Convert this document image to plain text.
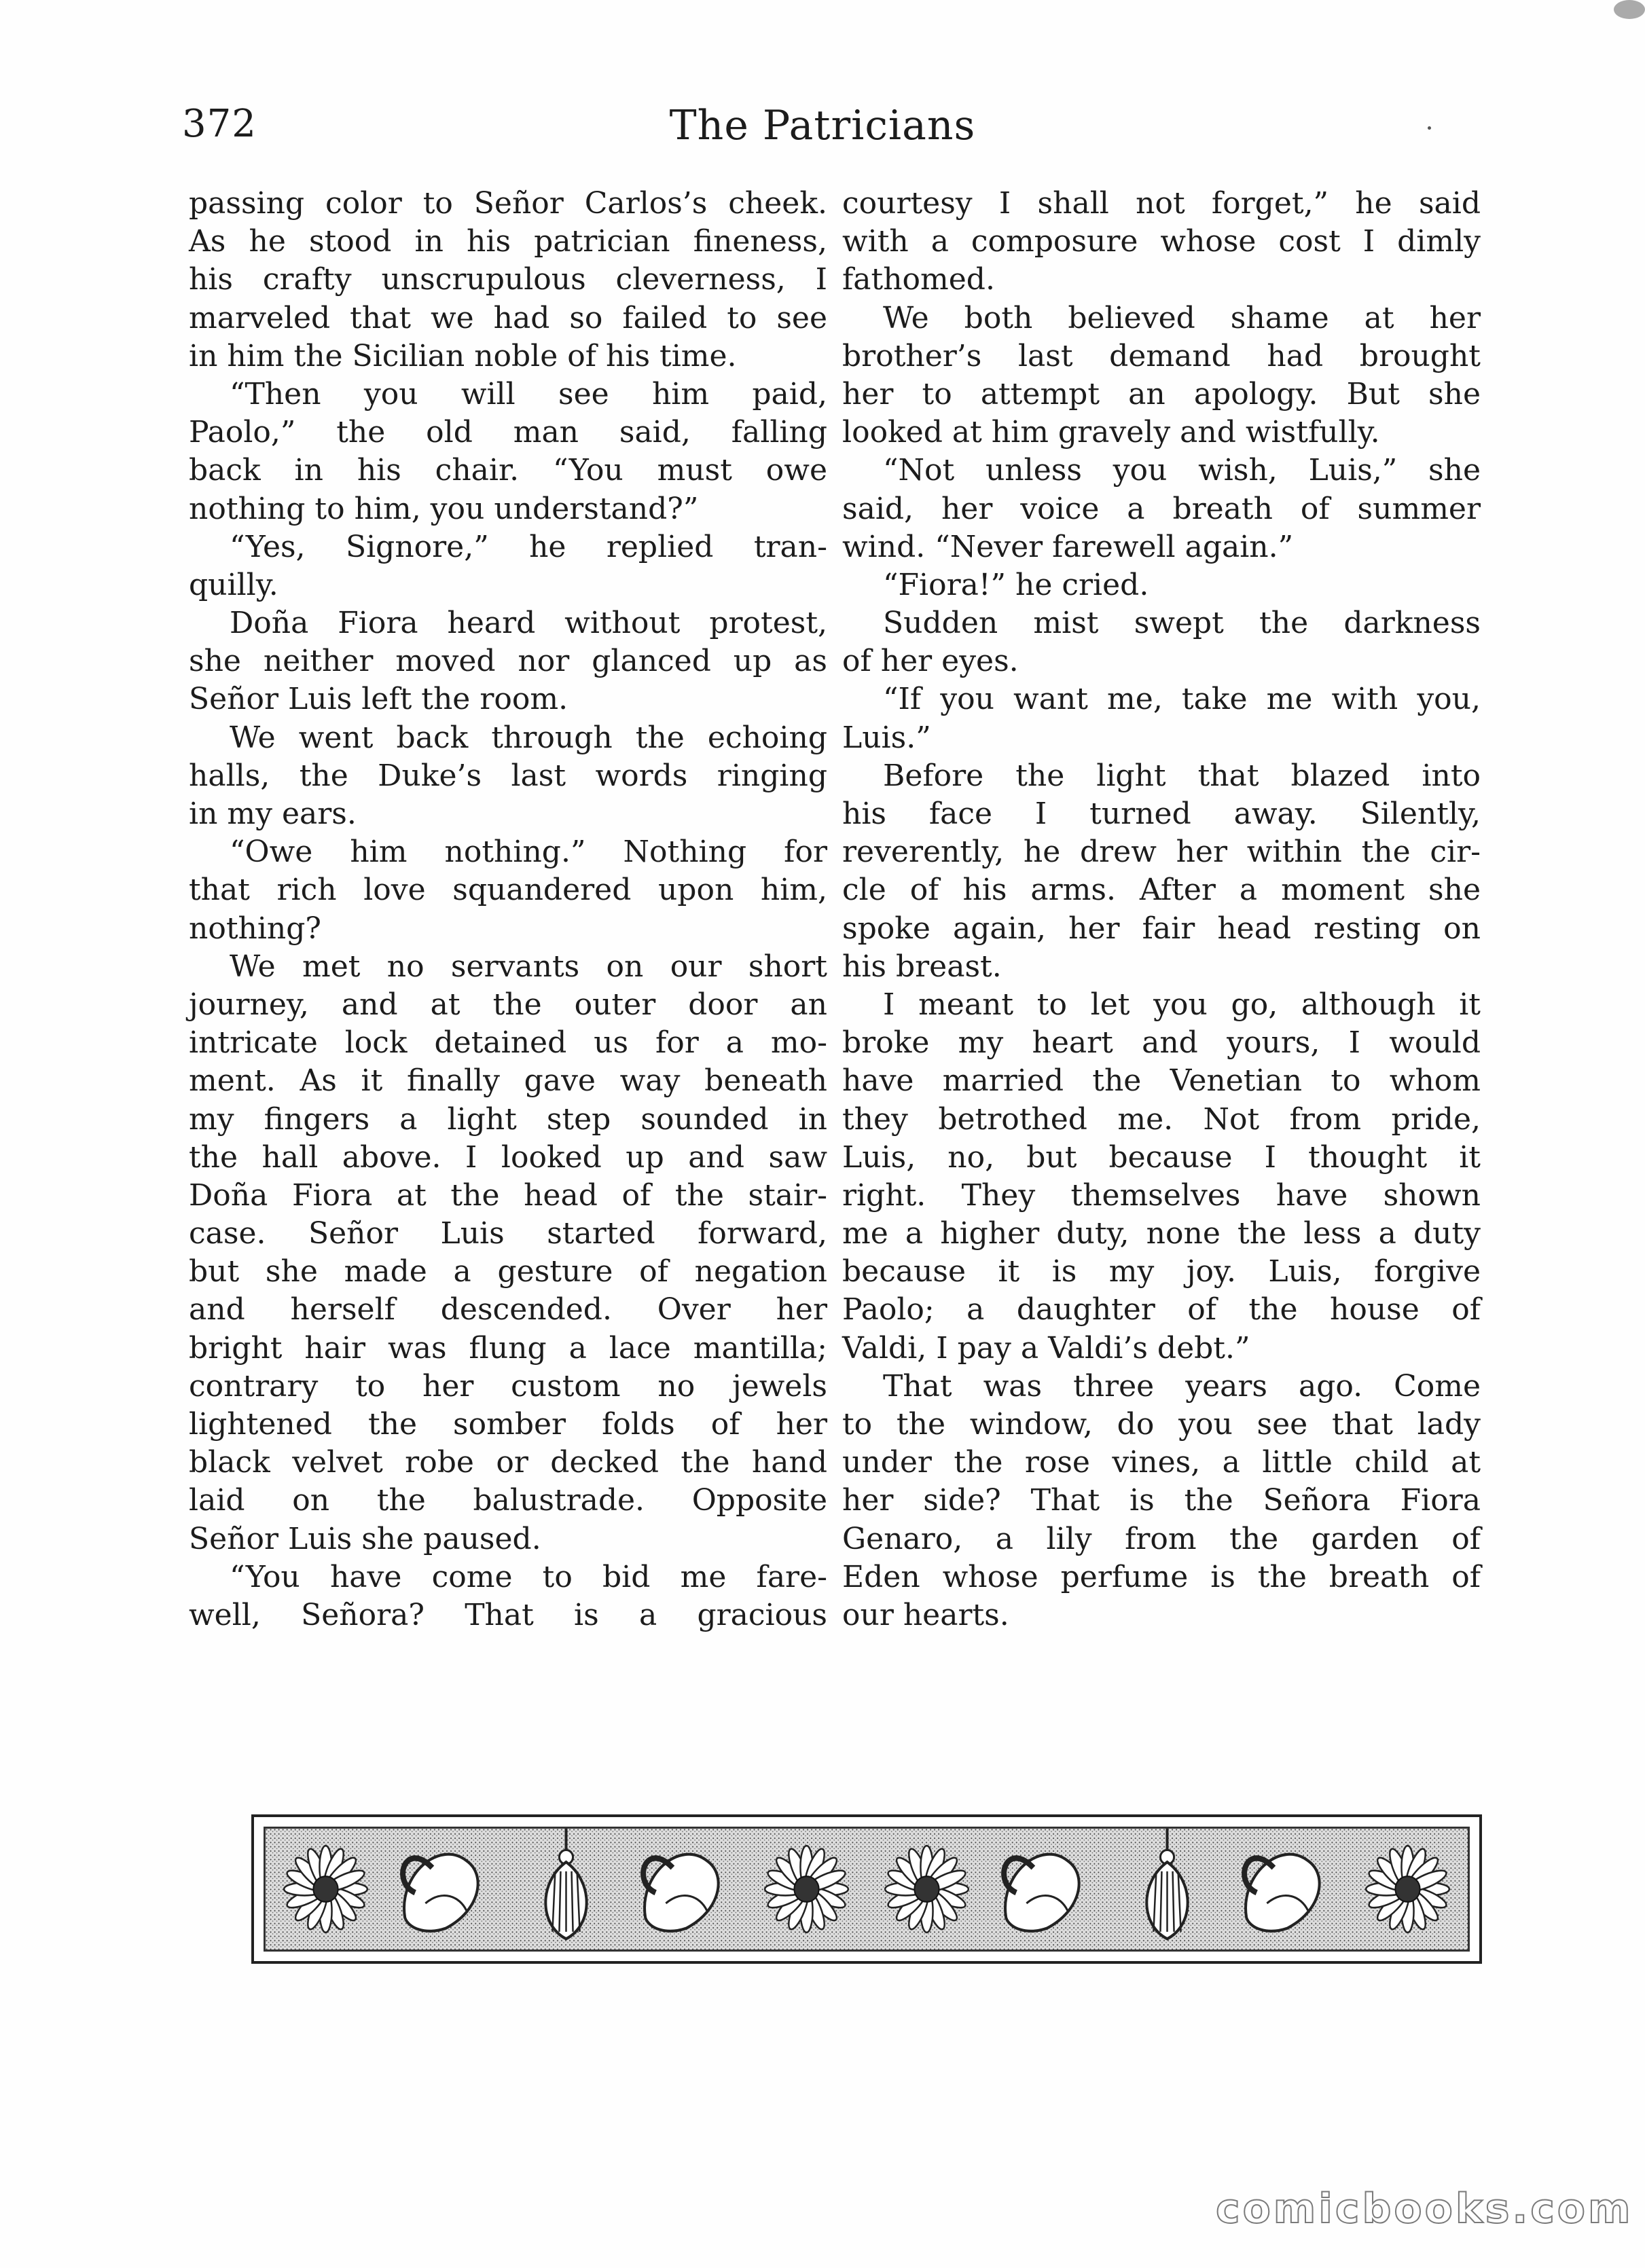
372	The Patricians
passing color to Señor Carlos’s cheek.
As he stood in his patrician fineness,
his crafty unscrupulous cleverness, I
marveled that we had so failed to see
in him the Sicilian noble of his time.
“Then you will see him paid,
Paolo,” the old man said, falling
back in his chair. “You must owe
nothing to him, you understand?”
“Yes, Signore,” he replied tran-
quilly.
Doña Fiora heard without protest,
she neither moved nor glanced up as
Señor Luis left the room.
We went back through the echoing
halls, the Duke’s last words ringing
in my ears.
“Owe him nothing.” Nothing for
that rich love squandered upon him,
nothing?
We met no servants on our short
journey, and at the outer door an
intricate lock detained us for a mo-
ment. As it finally gave way beneath
my fingers a light step sounded in
the hall above. I looked up and saw
Doña Fiora at the head of the stair-
case. Señor Luis started forward,
but she made a gesture of negation
and herself descended. Over her
bright hair was flung a lace mantilla;
contrary to her custom no jewels
lightened the somber folds of her
black velvet robe or decked the hand
laid on the balustrade. Opposite
Señor Luis she paused.
“You have come to bid me fare-
well, Señora? That is a gracious
courtesy I shall not forget,” he said
with a composure whose cost I dimly
fathomed.
We both believed shame at her
brother’s last demand had brought
her to attempt an apology. But she
looked at him gravely and wistfully.
“Not unless you wish, Luis,” she
said, her voice a breath of summer
wind. “Never farewell again.”
“Fiora!” he cried.
Sudden mist swept the darkness
of her eyes.
“If you want me, take me with you,
Luis.”
Before the light that blazed into
his face I turned away. Silently,
reverently, he drew her within the cir-
cle of his arms. After a moment she
spoke again, her fair head resting on
his breast.
I meant to let you go, although it
broke my heart and yours, I would
have married the Venetian to whom
they betrothed me. Not from pride,
Luis, no, but because I thought it
right. They themselves have shown
me a higher duty, none the less a duty
because it is my joy. Luis, forgive
Paolo; a daughter of the house of
Valdi, I pay a Valdi’s debt.”
That was three years ago. Come
to the window, do you see that lady
under the rose vines, a little child at
her side? That is the Señora Fiora
Genaro, a lily from the garden of
Eden whose perfume is the breath of
our hearts.
comicbooks.com
